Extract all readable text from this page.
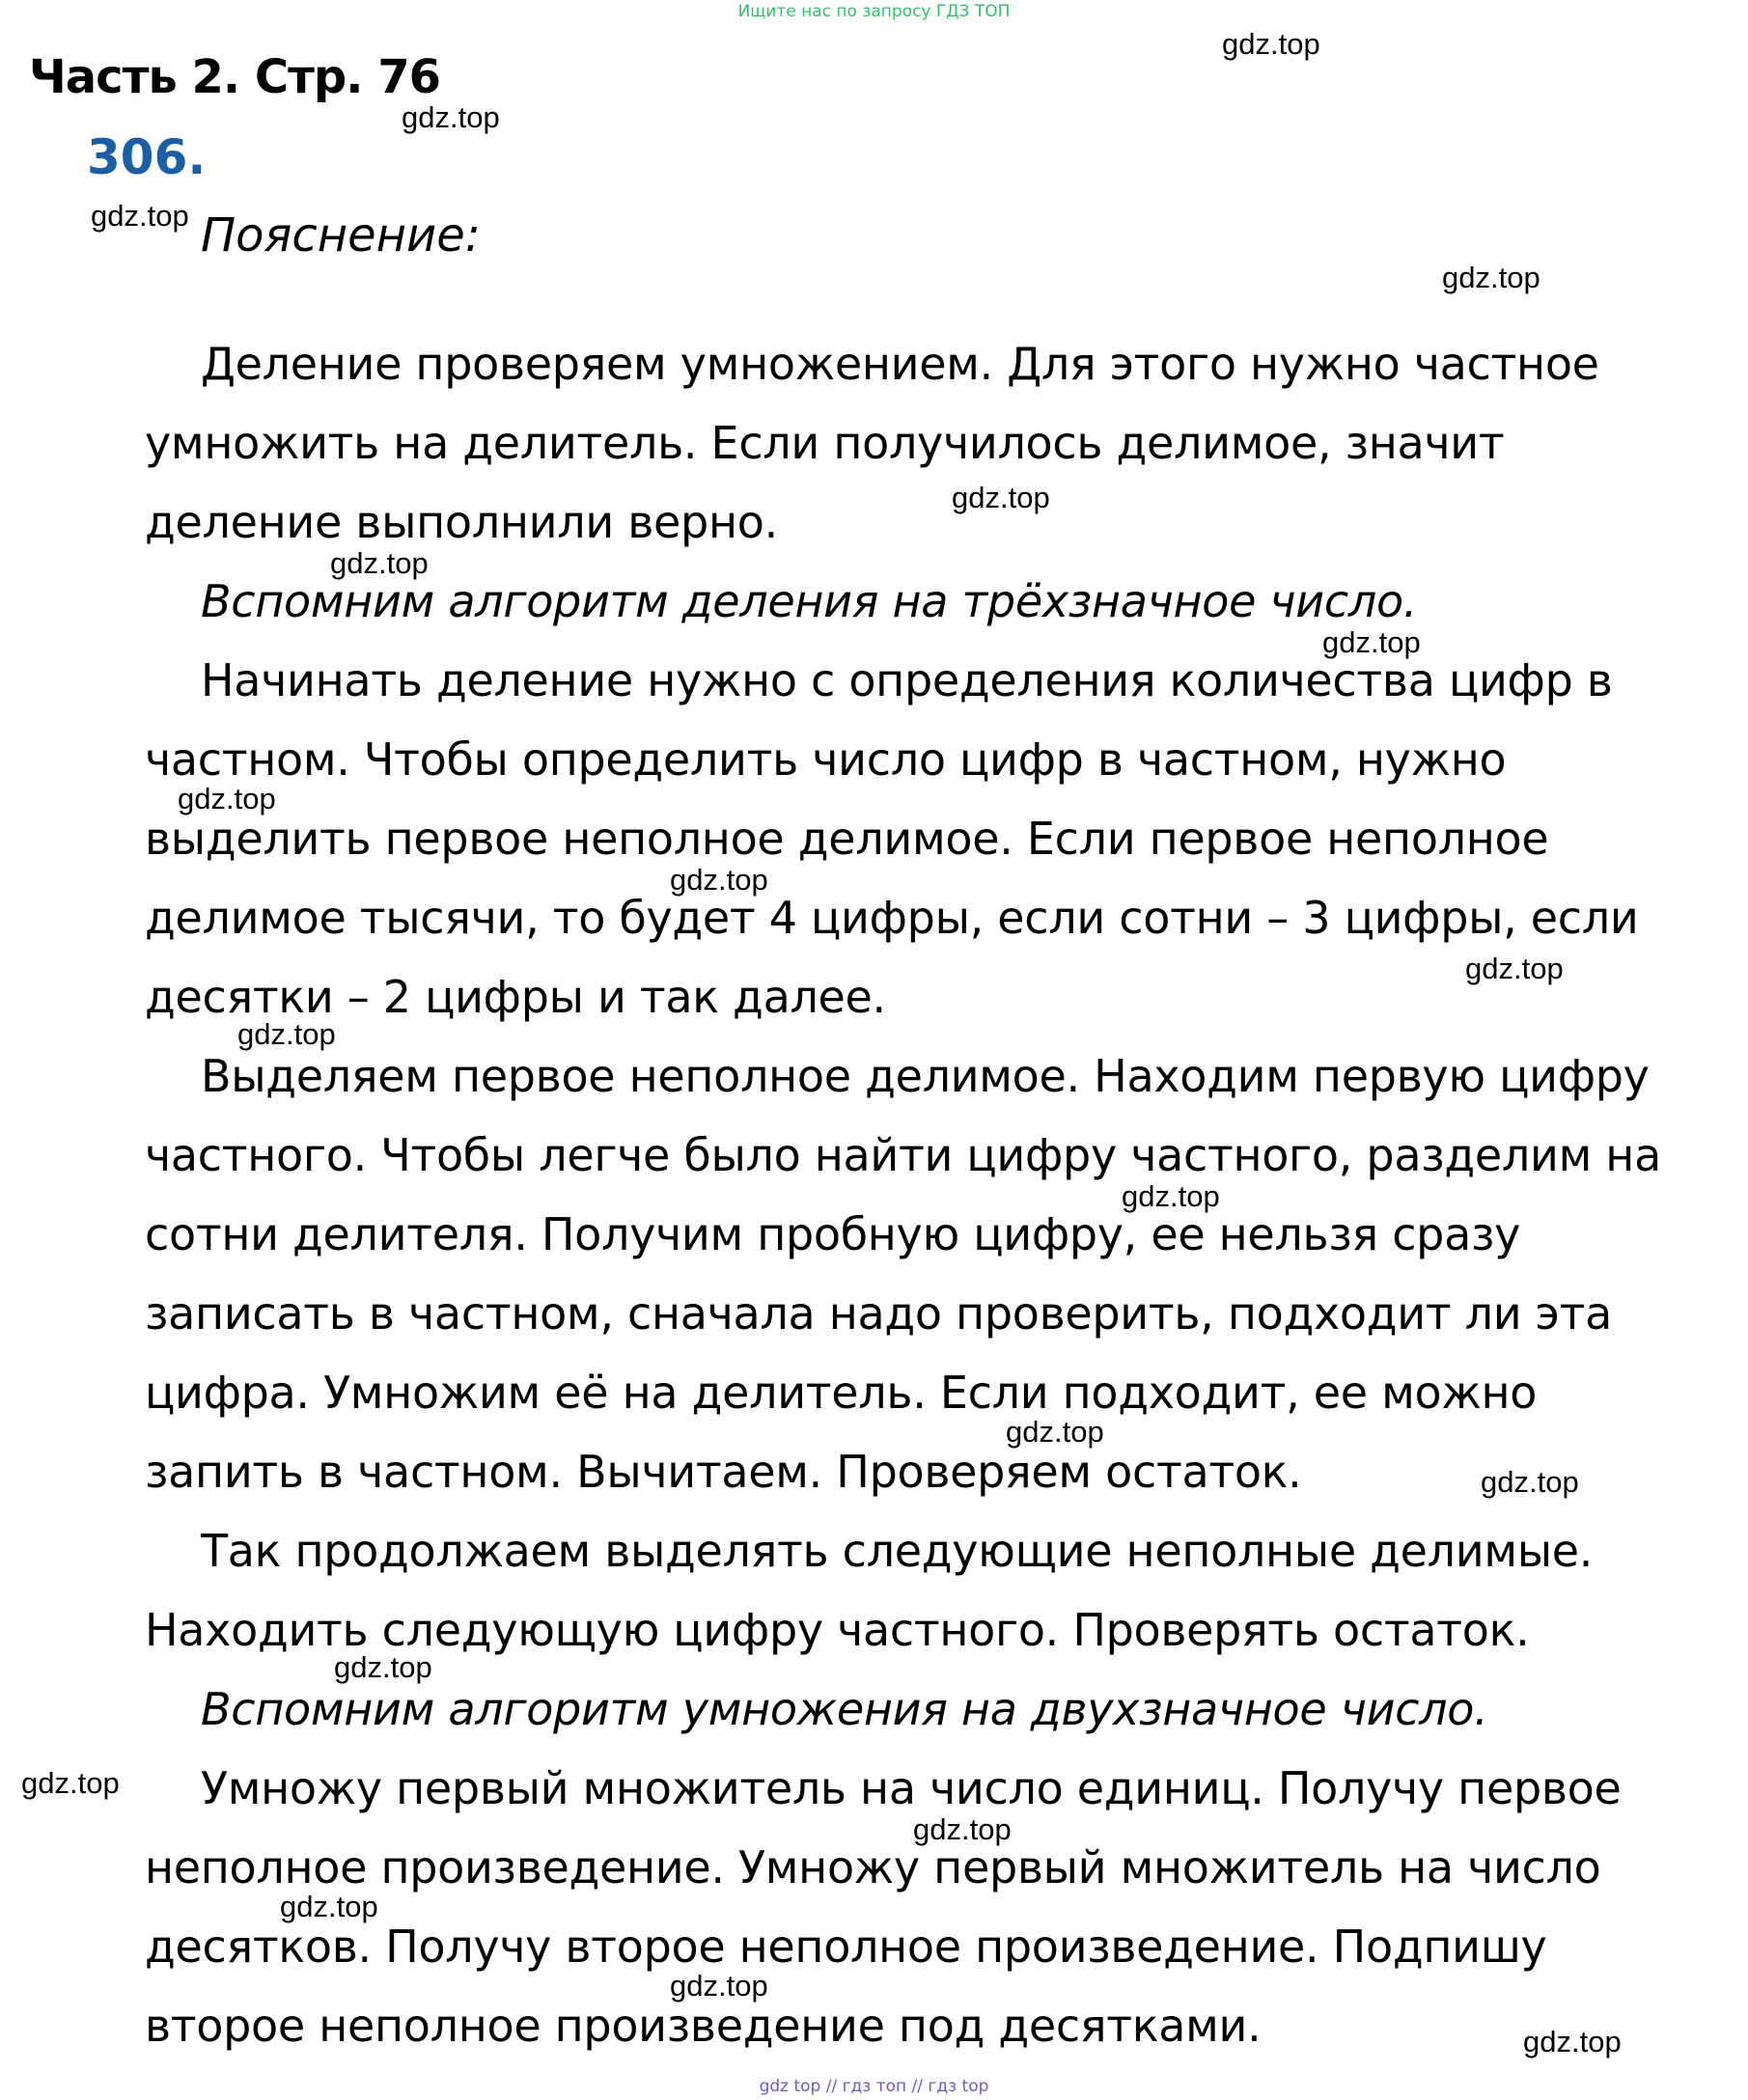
Ищите нас по запросу ГДЗ ТОП
Часть 2. Стр. 76
306.
Пояснение:
Деление проверяем умножением. Для этого нужно частное
умножить на делитель. Если получилось делимое, значит
деление выполнили верно.
Вспомним алгоритм деления на трёхзначное число.
Начинать деление нужно с определения количества цифр в
частном. Чтобы определить число цифр в частном, нужно
выделить первое неполное делимое. Если первое неполное
делимое тысячи, то будет 4 цифры, если сотни – 3 цифры, если
десятки – 2 цифры и так далее.
Выделяем первое неполное делимое. Находим первую цифру
частного. Чтобы легче было найти цифру частного, разделим на
сотни делителя. Получим пробную цифру, ее нельзя сразу
записать в частном, сначала надо проверить, подходит ли эта
цифра. Умножим её на делитель. Если подходит, ее можно
запить в частном. Вычитаем. Проверяем остаток.
Так продолжаем выделять следующие неполные делимые.
Находить следующую цифру частного. Проверять остаток.
Вспомним алгоритм умножения на двухзначное число.
Умножу первый множитель на число единиц. Получу первое
неполное произведение. Умножу первый множитель на число
десятков. Получу второе неполное произведение. Подпишу
второе неполное произведение под десятками.
gdz.top
gdz.top
gdz.top
gdz.top
gdz.top
gdz.top
gdz.top
gdz.top
gdz.top
gdz.top
gdz.top
gdz.top
gdz.top
gdz.top
gdz.top
gdz.top
gdz.top
gdz.top
gdz.top
gdz.top
gdz top // гдз топ // гдз top
